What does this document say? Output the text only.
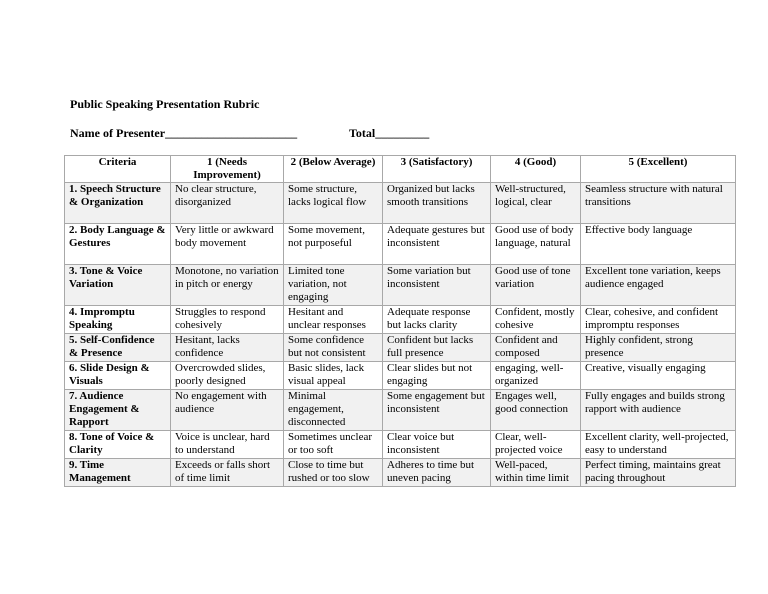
Public Speaking Presentation Rubric
Name of Presenter______________________	Total_________
Criteria	1 (Needs Improvement)	2 (Below Average)	3 (Satisfactory)	4 (Good)	5 (Excellent)
1. Speech Structure & Organization	No clear structure, disorganized	Some structure, lacks logical flow	Organized but lacks smooth transitions	Well-structured, logical, clear	Seamless structure with natural transitions
2. Body Language & Gestures	Very little or awkward body movement	Some movement, not purposeful	Adequate gestures but inconsistent	Good use of body language, natural	Effective body language
3. Tone & Voice Variation	Monotone, no variation in pitch or energy	Limited tone variation, not engaging	Some variation but inconsistent	Good use of tone variation	Excellent tone variation, keeps audience engaged
4. Impromptu Speaking	Struggles to respond cohesively	Hesitant and unclear responses	Adequate response but lacks clarity	Confident, mostly cohesive	Clear, cohesive, and confident impromptu responses
5. Self-Confidence & Presence	Hesitant, lacks confidence	Some confidence but not consistent	Confident but lacks full presence	Confident and composed	Highly confident, strong presence
6. Slide Design & Visuals	Overcrowded slides, poorly designed	Basic slides, lack visual appeal	Clear slides but not engaging	engaging, well-organized	Creative, visually engaging
7. Audience Engagement & Rapport	No engagement with audience	Minimal engagement, disconnected	Some engagement but inconsistent	Engages well, good connection	Fully engages and builds strong rapport with audience
8. Tone of Voice & Clarity	Voice is unclear, hard to understand	Sometimes unclear or too soft	Clear voice but inconsistent	Clear, well-projected voice	Excellent clarity, well-projected, easy to understand
9. Time Management	Exceeds or falls short of time limit	Close to time but rushed or too slow	Adheres to time but uneven pacing	Well-paced, within time limit	Perfect timing, maintains great pacing throughout
